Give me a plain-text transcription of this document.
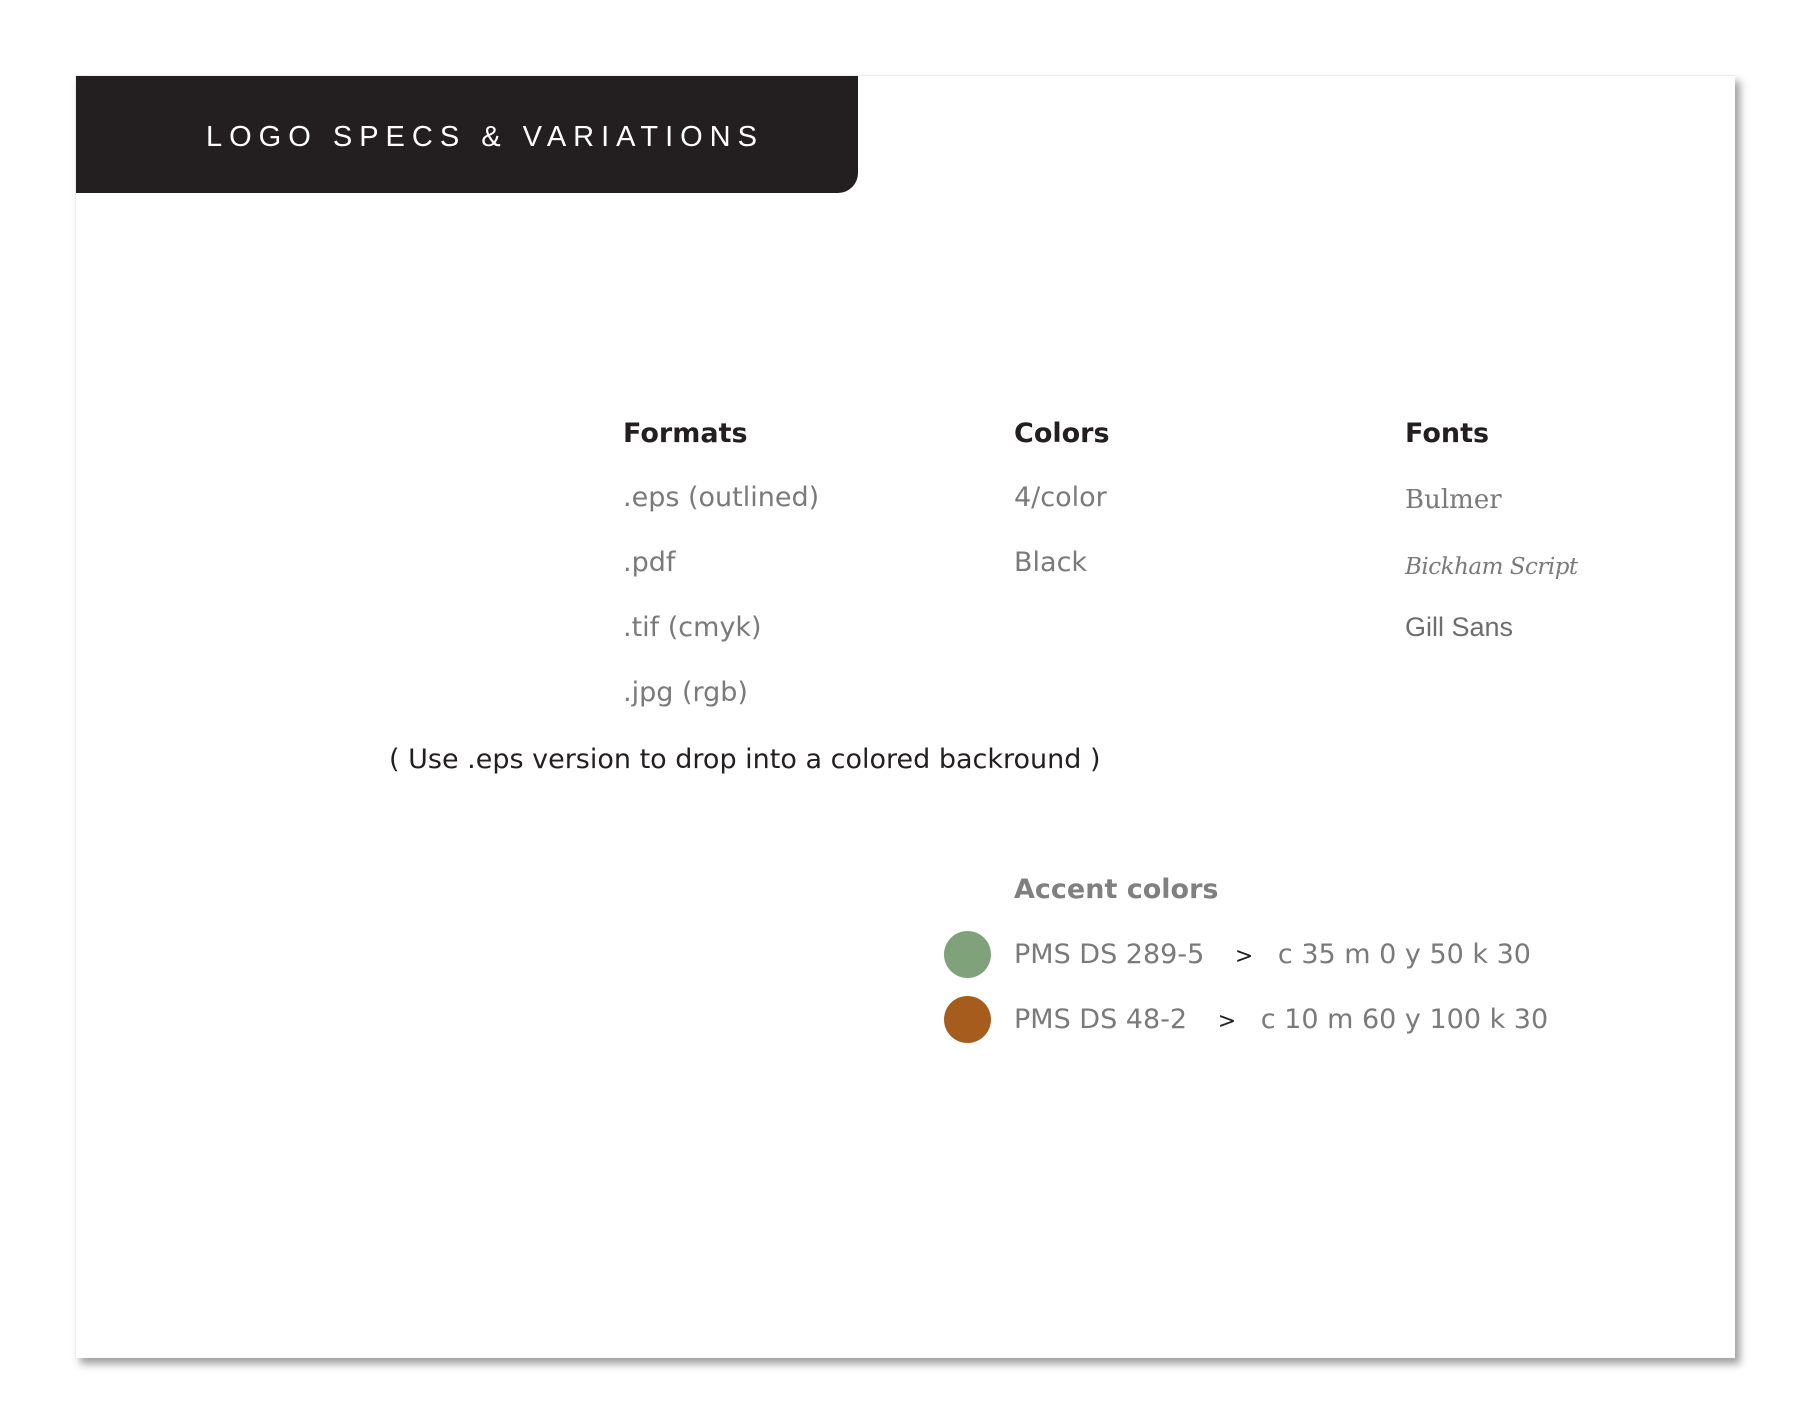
LOGO SPECS & VARIATIONS
Formats
.eps (outlined)
.pdf
.tif (cmyk)
.jpg (rgb)
Colors
4/color
Black
Fonts
Bulmer
Bickham Script
Gill Sans
( Use .eps version to drop into a colored backround )
Accent colors
PMS DS 289-5 > c 35 m 0 y 50 k 30
PMS DS 48-2 > c 10 m 60 y 100 k 30
